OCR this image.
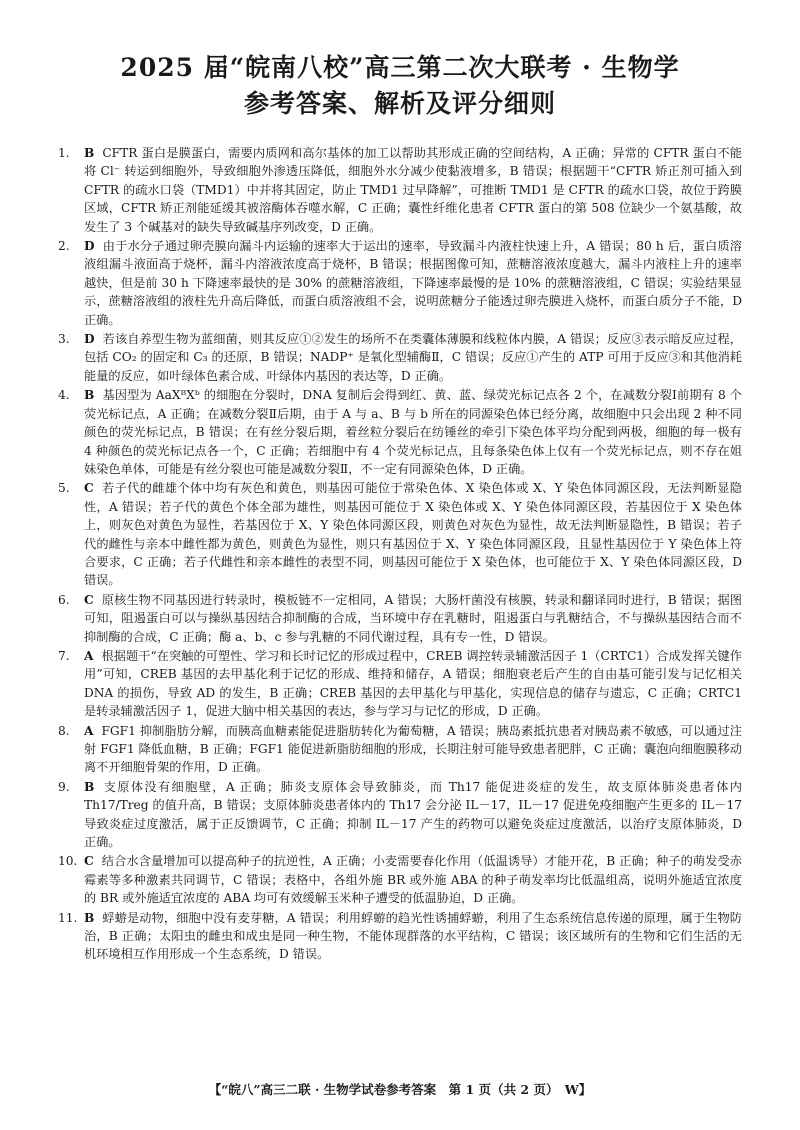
2025 届“皖南八校”高三第二次大联考 · 生物学
参考答案、解析及评分细则

1. B CFTR 蛋白是膜蛋白，需要内质网和高尔基体的加工以帮助其形成正确的空间结构，A 正确；异常的 CFTR 蛋白不能将 Cl⁻ 转运到细胞外，导致细胞外渗透压降低，细胞外水分减少使黏液增多，B 错误；根据题干“CFTR 矫正剂可插入到 CFTR 的疏水口袋（TMD1）中并将其固定，防止 TMD1 过早降解”，可推断 TMD1 是 CFTR 的疏水口袋，故位于跨膜区域，CFTR 矫正剂能延缓其被溶酶体吞噬水解，C 正确；囊性纤维化患者 CFTR 蛋白的第 508 位缺少一个氨基酸，故发生了 3 个碱基对的缺失导致碱基序列改变，D 正确。

2. D 由于水分子通过卵壳膜向漏斗内运输的速率大于运出的速率，导致漏斗内液柱快速上升，A 错误；80 h 后，蛋白质溶液组漏斗液面高于烧杯，漏斗内溶液浓度高于烧杯，B 错误；根据图像可知，蔗糖溶液浓度越大，漏斗内液柱上升的速率越快，但是前 30 h 下降速率最快的是 30% 的蔗糖溶液组，下降速率最慢的是 10% 的蔗糖溶液组，C 错误；实验结果显示，蔗糖溶液组的液柱先升高后降低，而蛋白质溶液组不会，说明蔗糖分子能透过卵壳膜进入烧杯，而蛋白质分子不能，D 正确。

3. D 若该自养型生物为蓝细菌，则其反应①②发生的场所不在类囊体薄膜和线粒体内膜，A 错误；反应③表示暗反应过程，包括 CO₂ 的固定和 C₃ 的还原，B 错误；NADP⁺ 是氧化型辅酶Ⅱ，C 错误；反应①产生的 ATP 可用于反应③和其他消耗能量的反应，如叶绿体色素合成、叶绿体内基因的表达等，D 正确。

4. B 基因型为 AaXᴮXᵇ 的细胞在分裂时，DNA 复制后会得到红、黄、蓝、绿荧光标记点各 2 个，在减数分裂Ⅰ前期有 8 个荧光标记点，A 正确；在减数分裂Ⅱ后期，由于 A 与 a、B 与 b 所在的同源染色体已经分离，故细胞中只会出现 2 种不同颜色的荧光标记点，B 错误；在有丝分裂后期，着丝粒分裂后在纺锤丝的牵引下染色体平均分配到两极，细胞的每一极有 4 种颜色的荧光标记点各一个，C 正确；若细胞中有 4 个荧光标记点，且每条染色体上仅有一个荧光标记点，则不存在姐妹染色单体，可能是有丝分裂也可能是减数分裂Ⅱ，不一定有同源染色体，D 正确。

5. C 若子代的雌雄个体中均有灰色和黄色，则基因可能位于常染色体、X 染色体或 X、Y 染色体同源区段，无法判断显隐性，A 错误；若子代的黄色个体全部为雄性，则基因可能位于 X 染色体或 X、Y 染色体同源区段，若基因位于 X 染色体上，则灰色对黄色为显性，若基因位于 X、Y 染色体同源区段，则黄色对灰色为显性，故无法判断显隐性，B 错误；若子代的雌性与亲本中雌性都为黄色，则黄色为显性，则只有基因位于 X、Y 染色体同源区段，且显性基因位于 Y 染色体上符合要求，C 正确；若子代雌性和亲本雌性的表型不同，则基因可能位于 X 染色体，也可能位于 X、Y 染色体同源区段，D 错误。

6. C 原核生物不同基因进行转录时，模板链不一定相同，A 错误；大肠杆菌没有核膜，转录和翻译同时进行，B 错误；据图可知，阻遏蛋白可以与操纵基因结合抑制酶的合成，当环境中存在乳糖时，阻遏蛋白与乳糖结合，不与操纵基因结合而不抑制酶的合成，C 正确；酶 a、b、c 参与乳糖的不同代谢过程，具有专一性，D 错误。

7. A 根据题干“在突触的可塑性、学习和长时记忆的形成过程中，CREB 调控转录辅激活因子 1（CRTC1）合成发挥关键作用”可知，CREB 基因的去甲基化利于记忆的形成、维持和储存，A 错误；细胞衰老后产生的自由基可能引发与记忆相关 DNA 的损伤，导致 AD 的发生，B 正确；CREB 基因的去甲基化与甲基化，实现信息的储存与遗忘，C 正确；CRTC1 是转录辅激活因子 1，促进大脑中相关基因的表达，参与学习与记忆的形成，D 正确。

8. A FGF1 抑制脂肪分解，而胰高血糖素能促进脂肪转化为葡萄糖，A 错误；胰岛素抵抗患者对胰岛素不敏感，可以通过注射 FGF1 降低血糖，B 正确；FGF1 能促进新脂肪细胞的形成，长期注射可能导致患者肥胖，C 正确；囊泡向细胞膜移动离不开细胞骨架的作用，D 正确。

9. B 支原体没有细胞壁，A 正确；肺炎支原体会导致肺炎，而 Th17 能促进炎症的发生，故支原体肺炎患者体内 Th17/Treg 的值升高，B 错误；支原体肺炎患者体内的 Th17 会分泌 IL－17，IL－17 促进免疫细胞产生更多的 IL－17 导致炎症过度激活，属于正反馈调节，C 正确；抑制 IL－17 产生的药物可以避免炎症过度激活，以治疗支原体肺炎，D 正确。

10. C 结合水含量增加可以提高种子的抗逆性，A 正确；小麦需要春化作用（低温诱导）才能开花，B 正确；种子的萌发受赤霉素等多种激素共同调节，C 错误；表格中，各组外施 BR 或外施 ABA 的种子萌发率均比低温组高，说明外施适宜浓度的 BR 或外施适宜浓度的 ABA 均可有效缓解玉米种子遭受的低温胁迫，D 正确。

11. B 蜉蝣是动物，细胞中没有麦芽糖，A 错误；利用蜉蝣的趋光性诱捕蜉蝣，利用了生态系统信息传递的原理，属于生物防治，B 正确；太阳虫的雌虫和成虫是同一种生物，不能体现群落的水平结构，C 错误；该区域所有的生物和它们生活的无机环境相互作用形成一个生态系统，D 错误。

【“皖八”高三二联 · 生物学试卷参考答案　第 1 页（共 2 页）　W】
